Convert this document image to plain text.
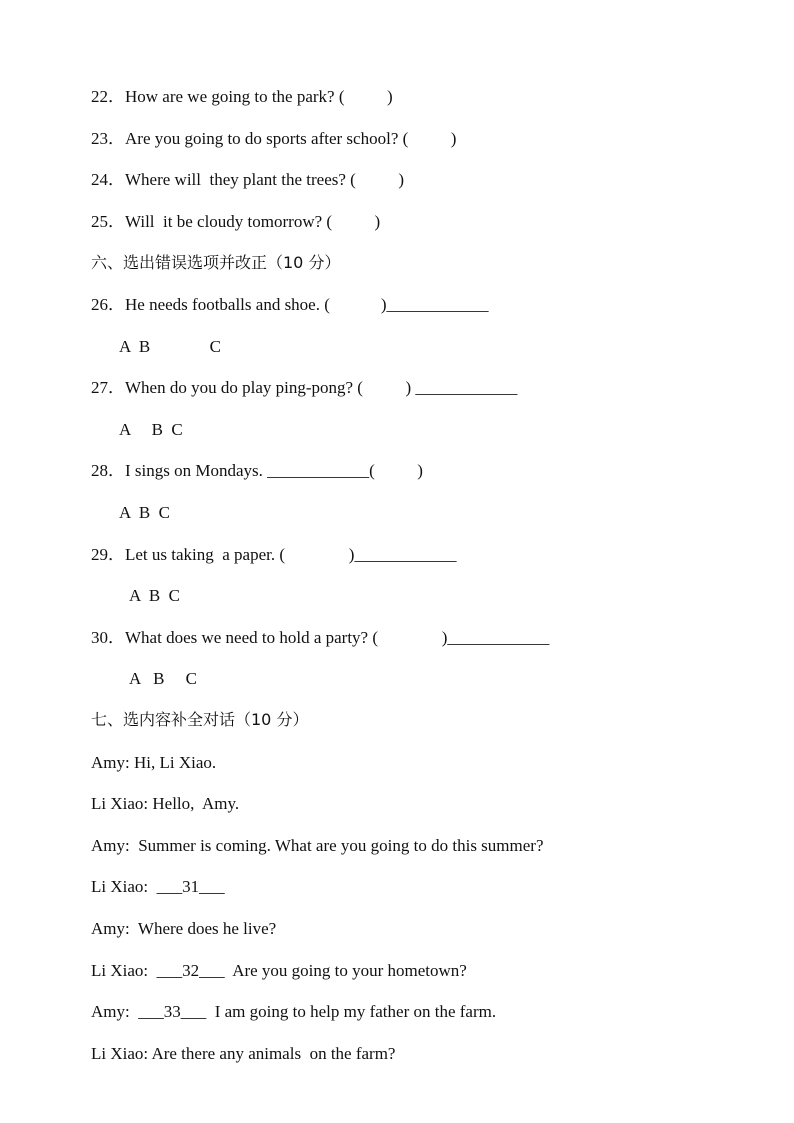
22．How are we going to the park? (          )
23．Are you going to do sports after school? (          )
24．Where will  they plant the trees? (          )
25．Will  it be cloudy tomorrow? (          )
六、选出错误选项并改正（10 分）
26．He needs footballs and shoe. (            )____________
A  B              C
27．When do you do play ping-pong? (          ) ____________
A     B  C
28．I sings on Mondays. ____________(          )
A  B  C
29．Let us taking  a paper. (               )____________
A  B  C
30．What does we need to hold a party? (               )____________
A   B     C
七、选内容补全对话（10 分）
Amy: Hi, Li Xiao.
Li Xiao: Hello,  Amy.
Amy:  Summer is coming. What are you going to do this summer?
Li Xiao:  ___31___
Amy:  Where does he live?
Li Xiao:  ___32___  Are you going to your hometown?
Amy:  ___33___  I am going to help my father on the farm.
Li Xiao: Are there any animals  on the farm?
